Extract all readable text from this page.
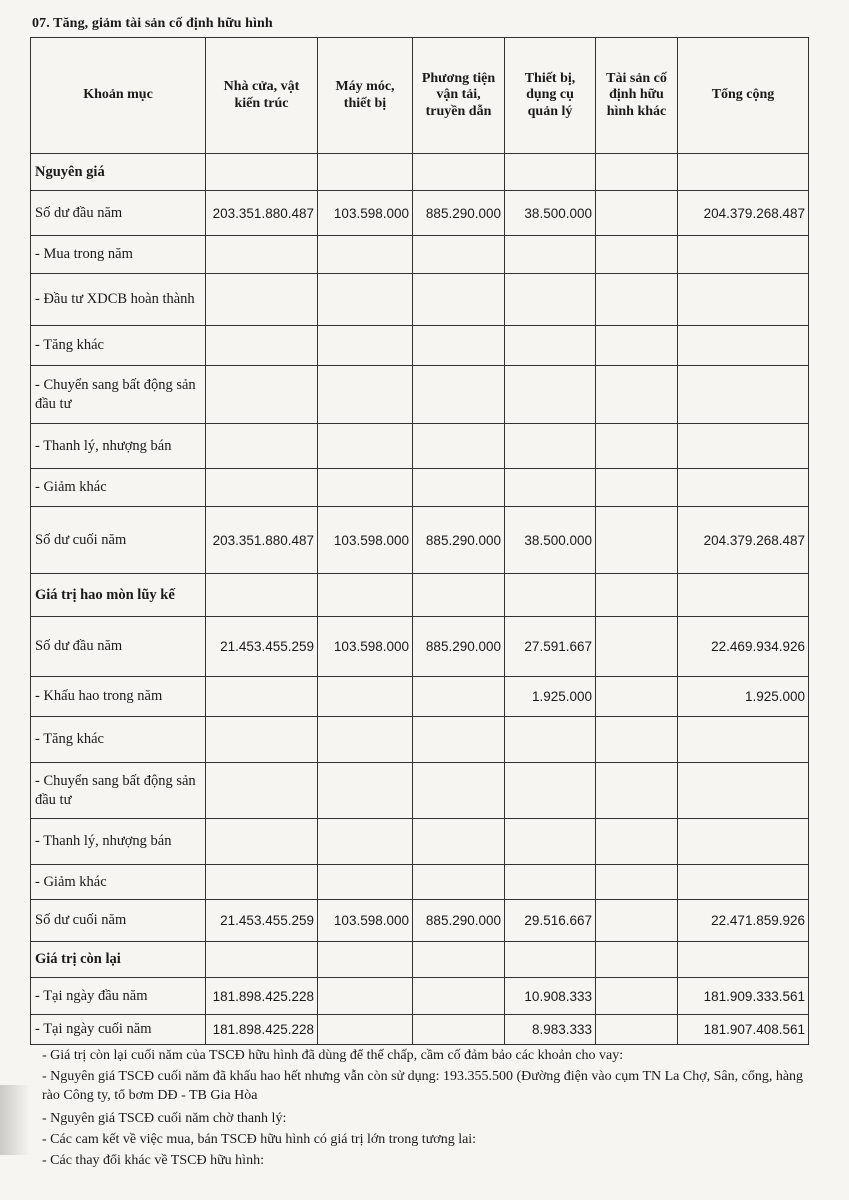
07. Tăng, giảm tài sản cố định hữu hình
Khoản mục	Nhà cửa, vật kiến trúc	Máy móc, thiết bị	Phương tiện vận tải, truyền dẫn	Thiết bị, dụng cụ quản lý	Tài sản cố định hữu hình khác	Tổng cộng
Nguyên giá						
Số dư đầu năm	203.351.880.487	103.598.000	885.290.000	38.500.000		204.379.268.487
- Mua trong năm						
- Đầu tư XDCB hoàn thành						
- Tăng khác						
- Chuyển sang bất động sản đầu tư						
- Thanh lý, nhượng bán						
- Giảm khác						
Số dư cuối năm	203.351.880.487	103.598.000	885.290.000	38.500.000		204.379.268.487
Giá trị hao mòn lũy kế						
Số dư đầu năm	21.453.455.259	103.598.000	885.290.000	27.591.667		22.469.934.926
- Khấu hao trong năm				1.925.000		1.925.000
- Tăng khác						
- Chuyển sang bất động sản đầu tư						
- Thanh lý, nhượng bán						
- Giảm khác						
Số dư cuối năm	21.453.455.259	103.598.000	885.290.000	29.516.667		22.471.859.926
Giá trị còn lại						
- Tại ngày đầu năm	181.898.425.228			10.908.333		181.909.333.561
- Tại ngày cuối năm	181.898.425.228			8.983.333		181.907.408.561

- Giá trị còn lại cuối năm của TSCĐ hữu hình đã dùng để thế chấp, cầm cố đảm bảo các khoản cho vay:

- Nguyên giá TSCĐ cuối năm đã khấu hao hết nhưng vẫn còn sử dụng: 193.355.500 (Đường điện vào cụm TN La Chợ, Sân, cổng, hàng rào Công ty, tổ bơm DĐ - TB Gia Hòa

- Nguyên giá TSCĐ cuối năm chờ thanh lý:

- Các cam kết về việc mua, bán TSCĐ hữu hình có giá trị lớn trong tương lai:

- Các thay đổi khác về TSCĐ hữu hình:
